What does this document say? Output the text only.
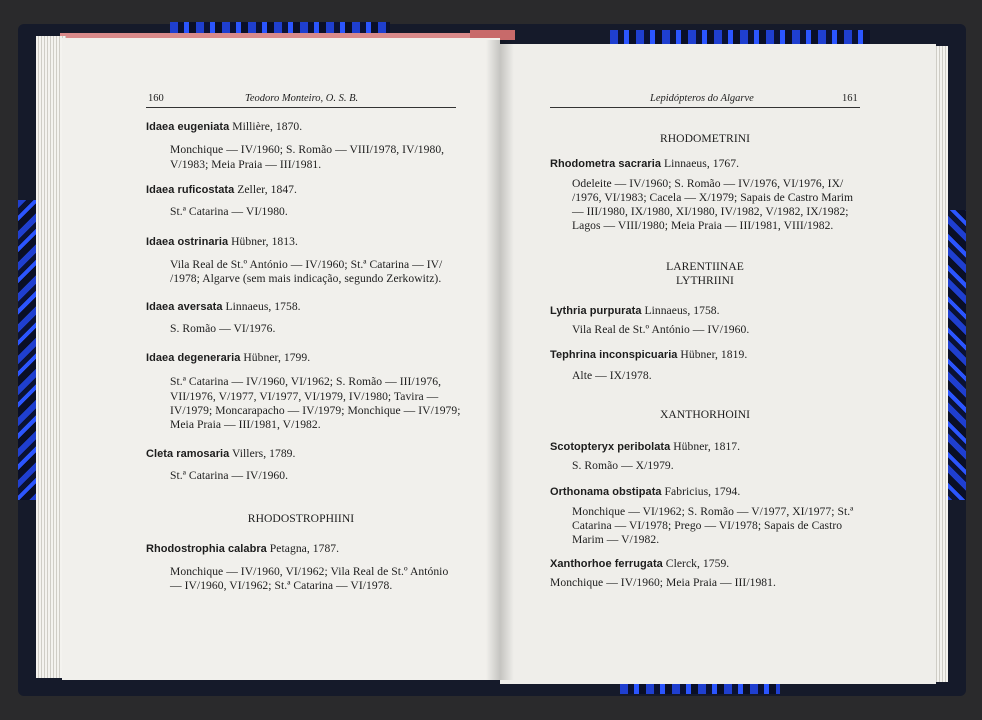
160	Teodoro Monteiro, O. S. B.
Idaea eugeniata Millière, 1870.
Monchique — IV/1960; S. Romão — VIII/1978, IV/1980,
V/1983; Meia Praia — III/1981.
Idaea ruficostata Zeller, 1847.
St.ª Catarina — VI/1980.
Idaea ostrinaria Hübner, 1813.
Vila Real de St.º António — IV/1960; St.ª Catarina — IV/
/1978; Algarve (sem mais indicação, segundo Zerkowitz).
Idaea aversata Linnaeus, 1758.
S. Romão — VI/1976.
Idaea degeneraria Hübner, 1799.
St.ª Catarina — IV/1960, VI/1962; S. Romão — III/1976,
VII/1976, V/1977, VI/1977, VI/1979, IV/1980; Tavira —
IV/1979; Moncarapacho — IV/1979; Monchique — IV/1979;
Meia Praia — III/1981, V/1982.
Cleta ramosaria Villers, 1789.
St.ª Catarina — IV/1960.
RHODOSTROPHIINI
Rhodostrophia calabra Petagna, 1787.
Monchique — IV/1960, VI/1962; Vila Real de St.º António
— IV/1960, VI/1962; St.ª Catarina — VI/1978.
Lepidópteros do Algarve	161
RHODOMETRINI
Rhodometra sacraria Linnaeus, 1767.
Odeleite — IV/1960; S. Romão — IV/1976, VI/1976, IX/
/1976, VI/1983; Cacela — X/1979; Sapais de Castro Marim
— III/1980, IX/1980, XI/1980, IV/1982, V/1982, IX/1982;
Lagos — VIII/1980; Meia Praia — III/1981, VIII/1982.
LARENTIINAE
LYTHRIINI
Lythria purpurata Linnaeus, 1758.
Vila Real de St.º António — IV/1960.
Tephrina inconspicuaria Hübner, 1819.
Alte — IX/1978.
XANTHORHOINI
Scotopteryx peribolata Hübner, 1817.
S. Romão — X/1979.
Orthonama obstipata Fabricius, 1794.
Monchique — VI/1962; S. Romão — V/1977, XI/1977; St.ª
Catarina — VI/1978; Prego — VI/1978; Sapais de Castro
Marim — V/1982.
Xanthorhoe ferrugata Clerck, 1759.
Monchique — IV/1960; Meia Praia — III/1981.
